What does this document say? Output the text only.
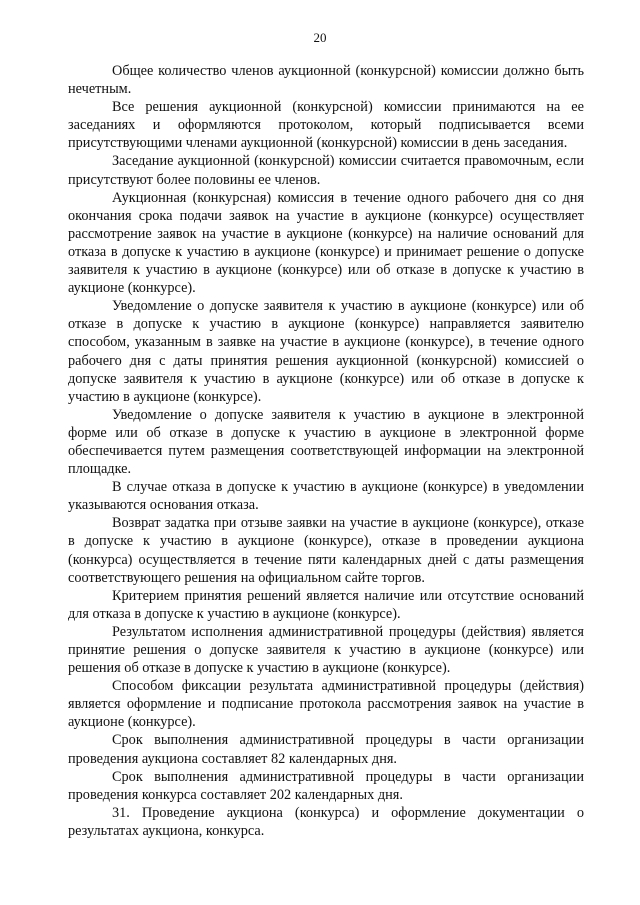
20

Общее количество членов аукционной (конкурсной) комиссии должно быть нечетным.

Все решения аукционной (конкурсной) комиссии принимаются на ее заседаниях и оформляются протоколом, который подписывается всеми присутствующими членами аукционной (конкурсной) комиссии в день заседания.

Заседание аукционной (конкурсной) комиссии считается правомочным, если присутствуют более половины ее членов.

Аукционная (конкурсная) комиссия в течение одного рабочего дня со дня окончания срока подачи заявок на участие в аукционе (конкурсе) осуществляет рассмотрение заявок на участие в аукционе (конкурсе) на наличие оснований для отказа в допуске к участию в аукционе (конкурсе) и принимает решение о допуске заявителя к участию в аукционе (конкурсе) или об отказе в допуске к участию в аукционе (конкурсе).

Уведомление о допуске заявителя к участию в аукционе (конкурсе) или об отказе в допуске к участию в аукционе (конкурсе) направляется заявителю способом, указанным в заявке на участие в аукционе (конкурсе), в течение одного рабочего дня с даты принятия решения аукционной (конкурсной) комиссией о допуске заявителя к участию в аукционе (конкурсе) или об отказе в допуске к участию в аукционе (конкурсе).

Уведомление о допуске заявителя к участию в аукционе в электронной форме или об отказе в допуске к участию в аукционе в электронной форме обеспечивается путем размещения соответствующей информации на электронной площадке.

В случае отказа в допуске к участию в аукционе (конкурсе) в уведомлении указываются основания отказа.

Возврат задатка при отзыве заявки на участие в аукционе (конкурсе), отказе в допуске к участию в аукционе (конкурсе), отказе в проведении аукциона (конкурса) осуществляется в течение пяти календарных дней с даты размещения соответствующего решения на официальном сайте торгов.

Критерием принятия решений является наличие или отсутствие оснований для отказа в допуске к участию в аукционе (конкурсе).

Результатом исполнения административной процедуры (действия) является принятие решения о допуске заявителя к участию в аукционе (конкурсе) или решения об отказе в допуске к участию в аукционе (конкурсе).

Способом фиксации результата административной процедуры (действия) является оформление и подписание протокола рассмотрения заявок на участие в аукционе (конкурсе).

Срок выполнения административной процедуры в части организации проведения аукциона составляет 82 календарных дня.

Срок выполнения административной процедуры в части организации проведения конкурса составляет 202 календарных дня.

31. Проведение аукциона (конкурса) и оформление документации о результатах аукциона, конкурса.
